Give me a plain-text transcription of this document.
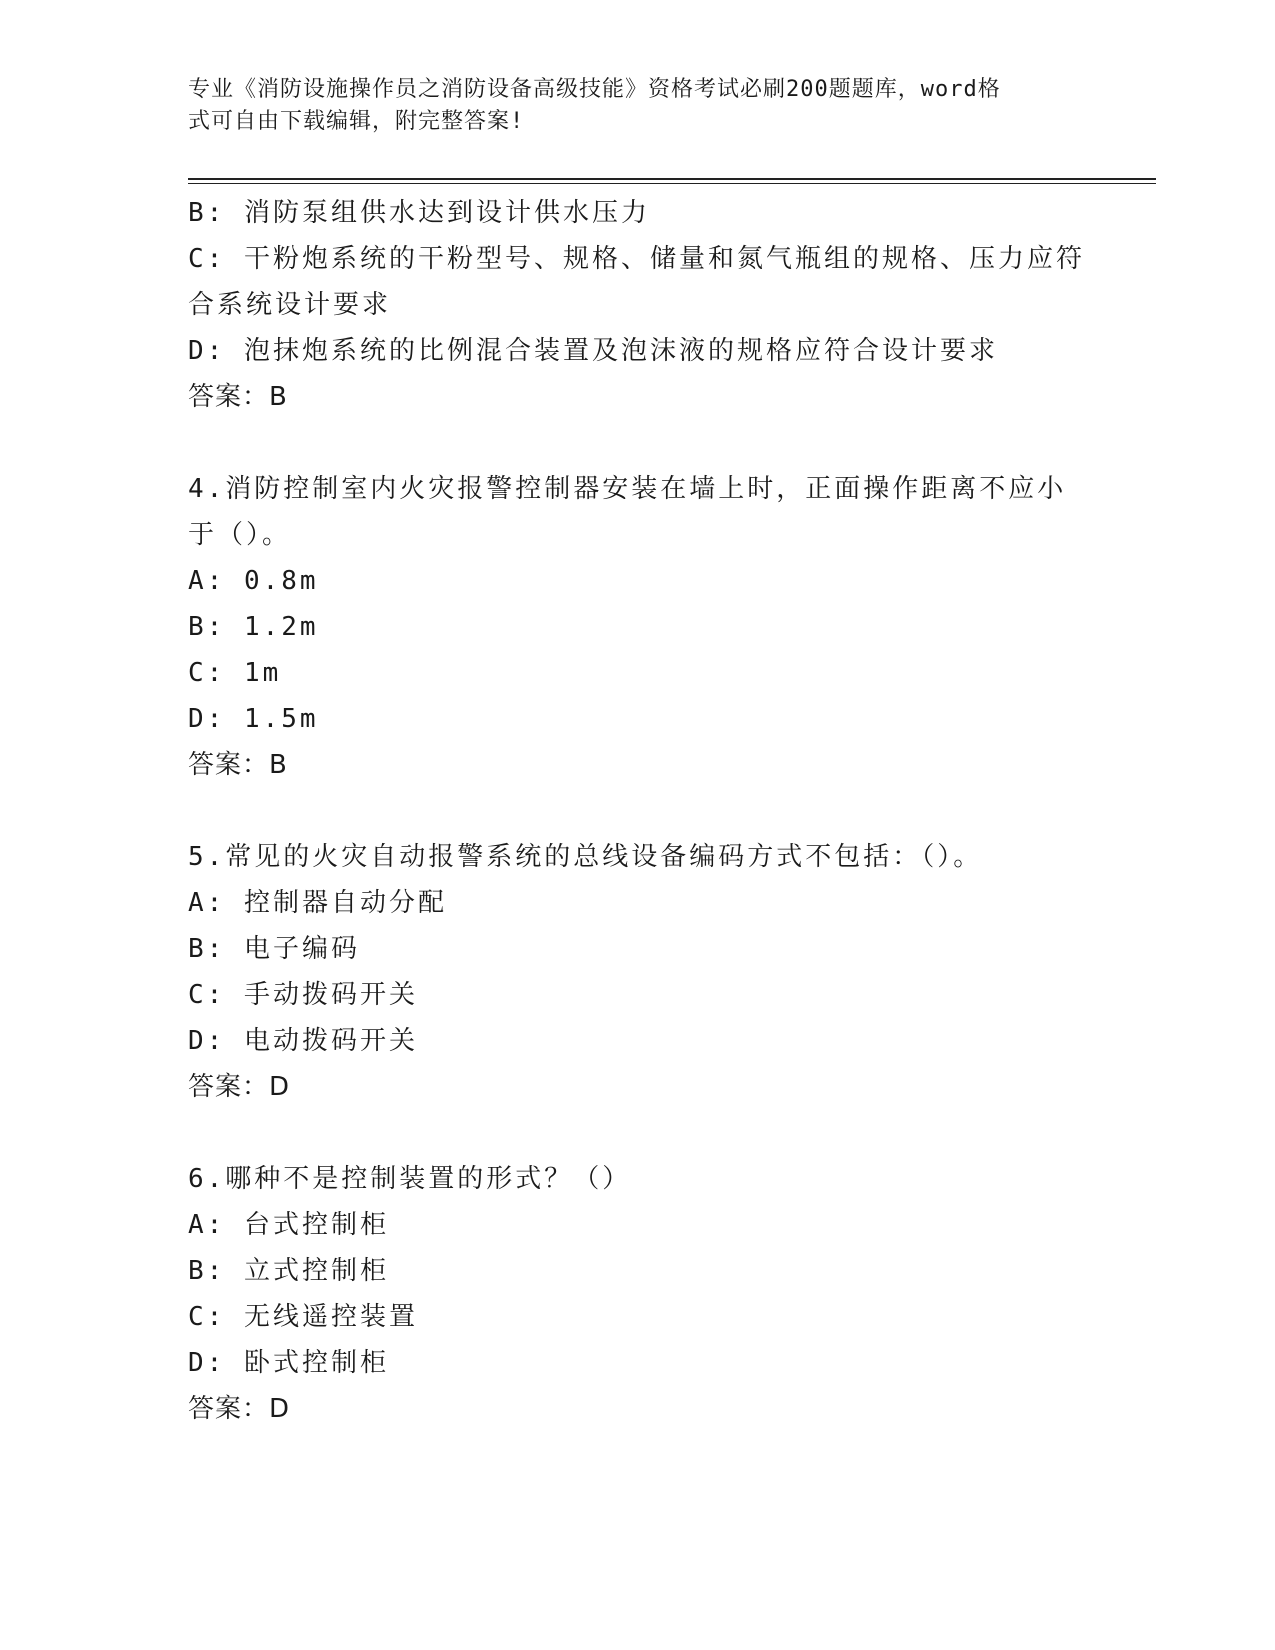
专业《消防设施操作员之消防设备高级技能》资格考试必刷200题题库，word格
式可自由下载编辑，附完整答案!
B: 消防泵组供水达到设计供水压力
C: 干粉炮系统的干粉型号、规格、储量和氮气瓶组的规格、压力应符
合系统设计要求
D: 泡抹炮系统的比例混合装置及泡沫液的规格应符合设计要求
答案：B
4.消防控制室内火灾报警控制器安装在墙上时，正面操作距离不应小
于（）。
A: 0.8m
B: 1.2m
C: 1m
D: 1.5m
答案：B
5.常见的火灾自动报警系统的总线设备编码方式不包括：（）。
A: 控制器自动分配
B: 电子编码
C: 手动拨码开关
D: 电动拨码开关
答案：D
6.哪种不是控制装置的形式？（）
A: 台式控制柜
B: 立式控制柜
C: 无线遥控装置
D: 卧式控制柜
答案：D
